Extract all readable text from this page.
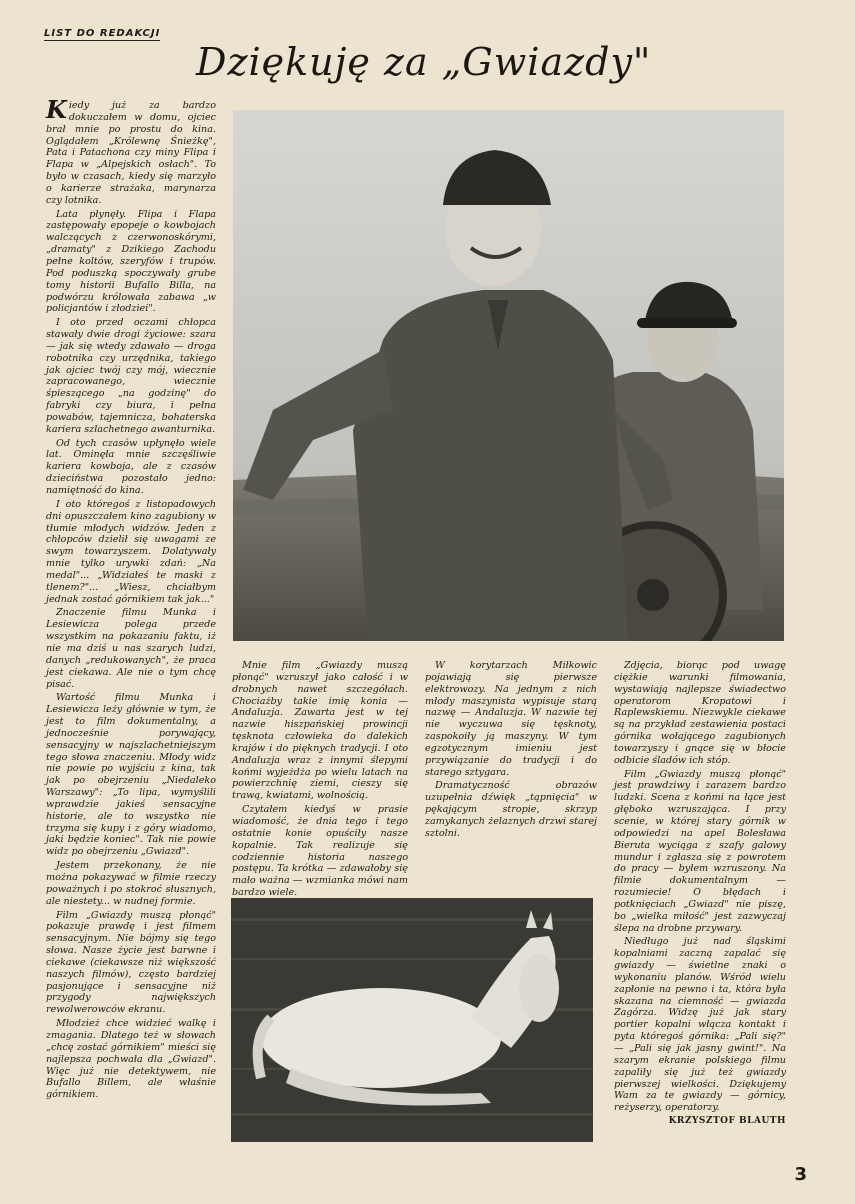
LIST DO REDAKCJI
Dziękuję za „Gwiazdy"

Kiedy już za bardzo dokuczałem w domu, ojciec brał mnie po prostu do kina. Oglądałem „Królewnę Śnieżkę", Pata i Patachona czy miny Flipa i Flapa w „Alpejskich osłach". To było w czasach, kiedy się marzyło o karierze strażaka, marynarza czy lotnika.

Lata płynęły. Flipa i Flapa zastępowały epopeje o kowbojach walczących z czerwonoskórymi, „dramaty" z Dzikiego Zachodu pełne koltów, szeryfów i trupów. Pod poduszką spoczywały grube tomy historii Bufallo Billa, na podwórzu królowała zabawa „w policjantów i złodziei".

I oto przed oczami chłopca stawały dwie drogi życiowe: szara — jak się wtedy zdawało — droga robotnika czy urzędnika, takiego jak ojciec twój czy mój, wiecznie zapracowanego, wiecznie śpieszącego „na godzinę" do fabryki czy biura, i pełna powabów, tajemnicza, bohaterska kariera szlachetnego awanturnika.

Od tych czasów upłynęło wiele lat. Ominęła mnie szczęśliwie kariera kowboja, ale z czasów dzieciństwa pozostało jedno: namiętność do kina.

I oto któregoś z listopadowych dni opuszczałem kino zagubiony w tłumie młodych widzów. Jeden z chłopców dzielił się uwagami ze swym towarzyszem. Dolatywały mnie tylko urywki zdań: „Na medal"... „Widziałeś te maski z tlenem?"... „Wiesz, chciałbym jednak zostać górnikiem tak jak..."

Znaczenie filmu Munka i Lesiewicza polega przede wszystkim na pokazaniu faktu, iż nie ma dziś u nas szarych ludzi, danych „redukowanych", że praca jest ciekawa. Ale nie o tym chcę pisać.

Wartość filmu Munka i Lesiewicza leży głównie w tym, że jest to film dokumentalny, a jednocześnie porywający, sensacyjny w najszlachetniejszym tego słowa znaczeniu. Młody widz nie powie po wyjściu z kina, tak jak po obejrzeniu „Niedaleko Warszawy": „To lipa, wymyślili wprawdzie jakieś sensacyjne historie, ale to wszystko nie trzyma się kupy i z góry wiadomo, jaki będzie koniec". Tak nie powie widz po obejrzeniu „Gwiazd".

Jestem przekonany, że nie można pokazywać w filmie rzeczy poważnych i po stokroć słusznych, ale niestety... w nudnej formie.

Film „Gwiazdy muszą płonąć" pokazuje prawdę i jest filmem sensacyjnym. Nie bójmy się tego słowa. Nasze życie jest barwne i ciekawe (ciekawsze niż większość naszych filmów), często bardziej pasjonujące i sensacyjne niż przygody największych rewolwerowców ekranu.

Młodzież chce widzieć walkę i zmagania. Dlatego też w słowach „chcę zostać górnikiem" mieści się najlepsza pochwała dla „Gwiazd". Więc już nie detektywem, nie Bufallo Billem, ale właśnie górnikiem.

Mnie film „Gwiazdy muszą płonąć" wzruszył jako całość i w drobnych nawet szczegółach. Chociażby takie imię konia — Andaluzja. Zawarta jest w tej nazwie hiszpańskiej prowincji tęsknota człowieka do dalekich krajów i do pięknych tradycji. I oto Andaluzja wraz z innymi ślepymi końmi wyjeżdża po wielu latach na powierzchnię ziemi, cieszy się trawą, kwiatami, wolnością.

Czytałem kiedyś w prasie wiadomość, że dnia tego i tego ostatnie konie opuściły nasze kopalnie. Tak realizuje się codziennie historia naszego postępu. Ta krótka — zdawałoby się mało ważna — wzmianka mówi nam bardzo wiele.

W korytarzach Miłkowic pojawiają się pierwsze elektrowozy. Na jednym z nich młody maszynista wypisuje starą nazwę — Andaluzja. W nazwie tej nie wyczuwa się tęsknoty, zaspokoiły ją maszyny. W tym egzotycznym imieniu jest przywiązanie do tradycji i do starego sztygara.

Dramatyczność obrazów uzupełnia dźwięk „tąpnięcia" w pękającym stropie, skrzyp zamykanych żelaznych drzwi starej sztolni.

Zdjęcia, biorąc pod uwagę ciężkie warunki filmowania, wystawiają najlepsze świadectwo operatorom Kropatowi i Raplewskiemu. Niezwykle ciekawe są na przykład zestawienia postaci górnika wołającego zagubionych towarzyszy i gnące się w błocie odbicie śladów ich stóp.

Film „Gwiazdy muszą płonąć" jest prawdziwy i zarazem bardzo ludzki. Scena z końmi na łące jest głęboko wzruszająca. I przy scenie, w której stary górnik w odpowiedzi na apel Bolesława Bieruta wyciąga z szafy galowy mundur i zgłasza się z powrotem do pracy — byłem wzruszony. Na filmie dokumentalnym — rozumiecie! O błędach i potknięciach „Gwiazd" nie piszę, bo „wielka miłość" jest zazwyczaj ślepa na drobne przywary.

Niedługo już nad śląskimi kopalniami zaczną zapalać się gwiazdy — świetlne znaki o wykonaniu planów. Wśród wielu zapłonie na pewno i ta, która była skazana na ciemność — gwiazda Zagórza. Widzę już jak stary portier kopalni włącza kontakt i pyta któregoś górnika: „Pali się?" — „Pali się jak jasny gwint!". Na szarym ekranie polskiego filmu zapaliły się już też gwiazdy pierwszej wielkości. Dziękujemy Wam za te gwiazdy — górnicy, reżyserzy, operatorzy.

KRZYSZTOF BLAUTH

3
